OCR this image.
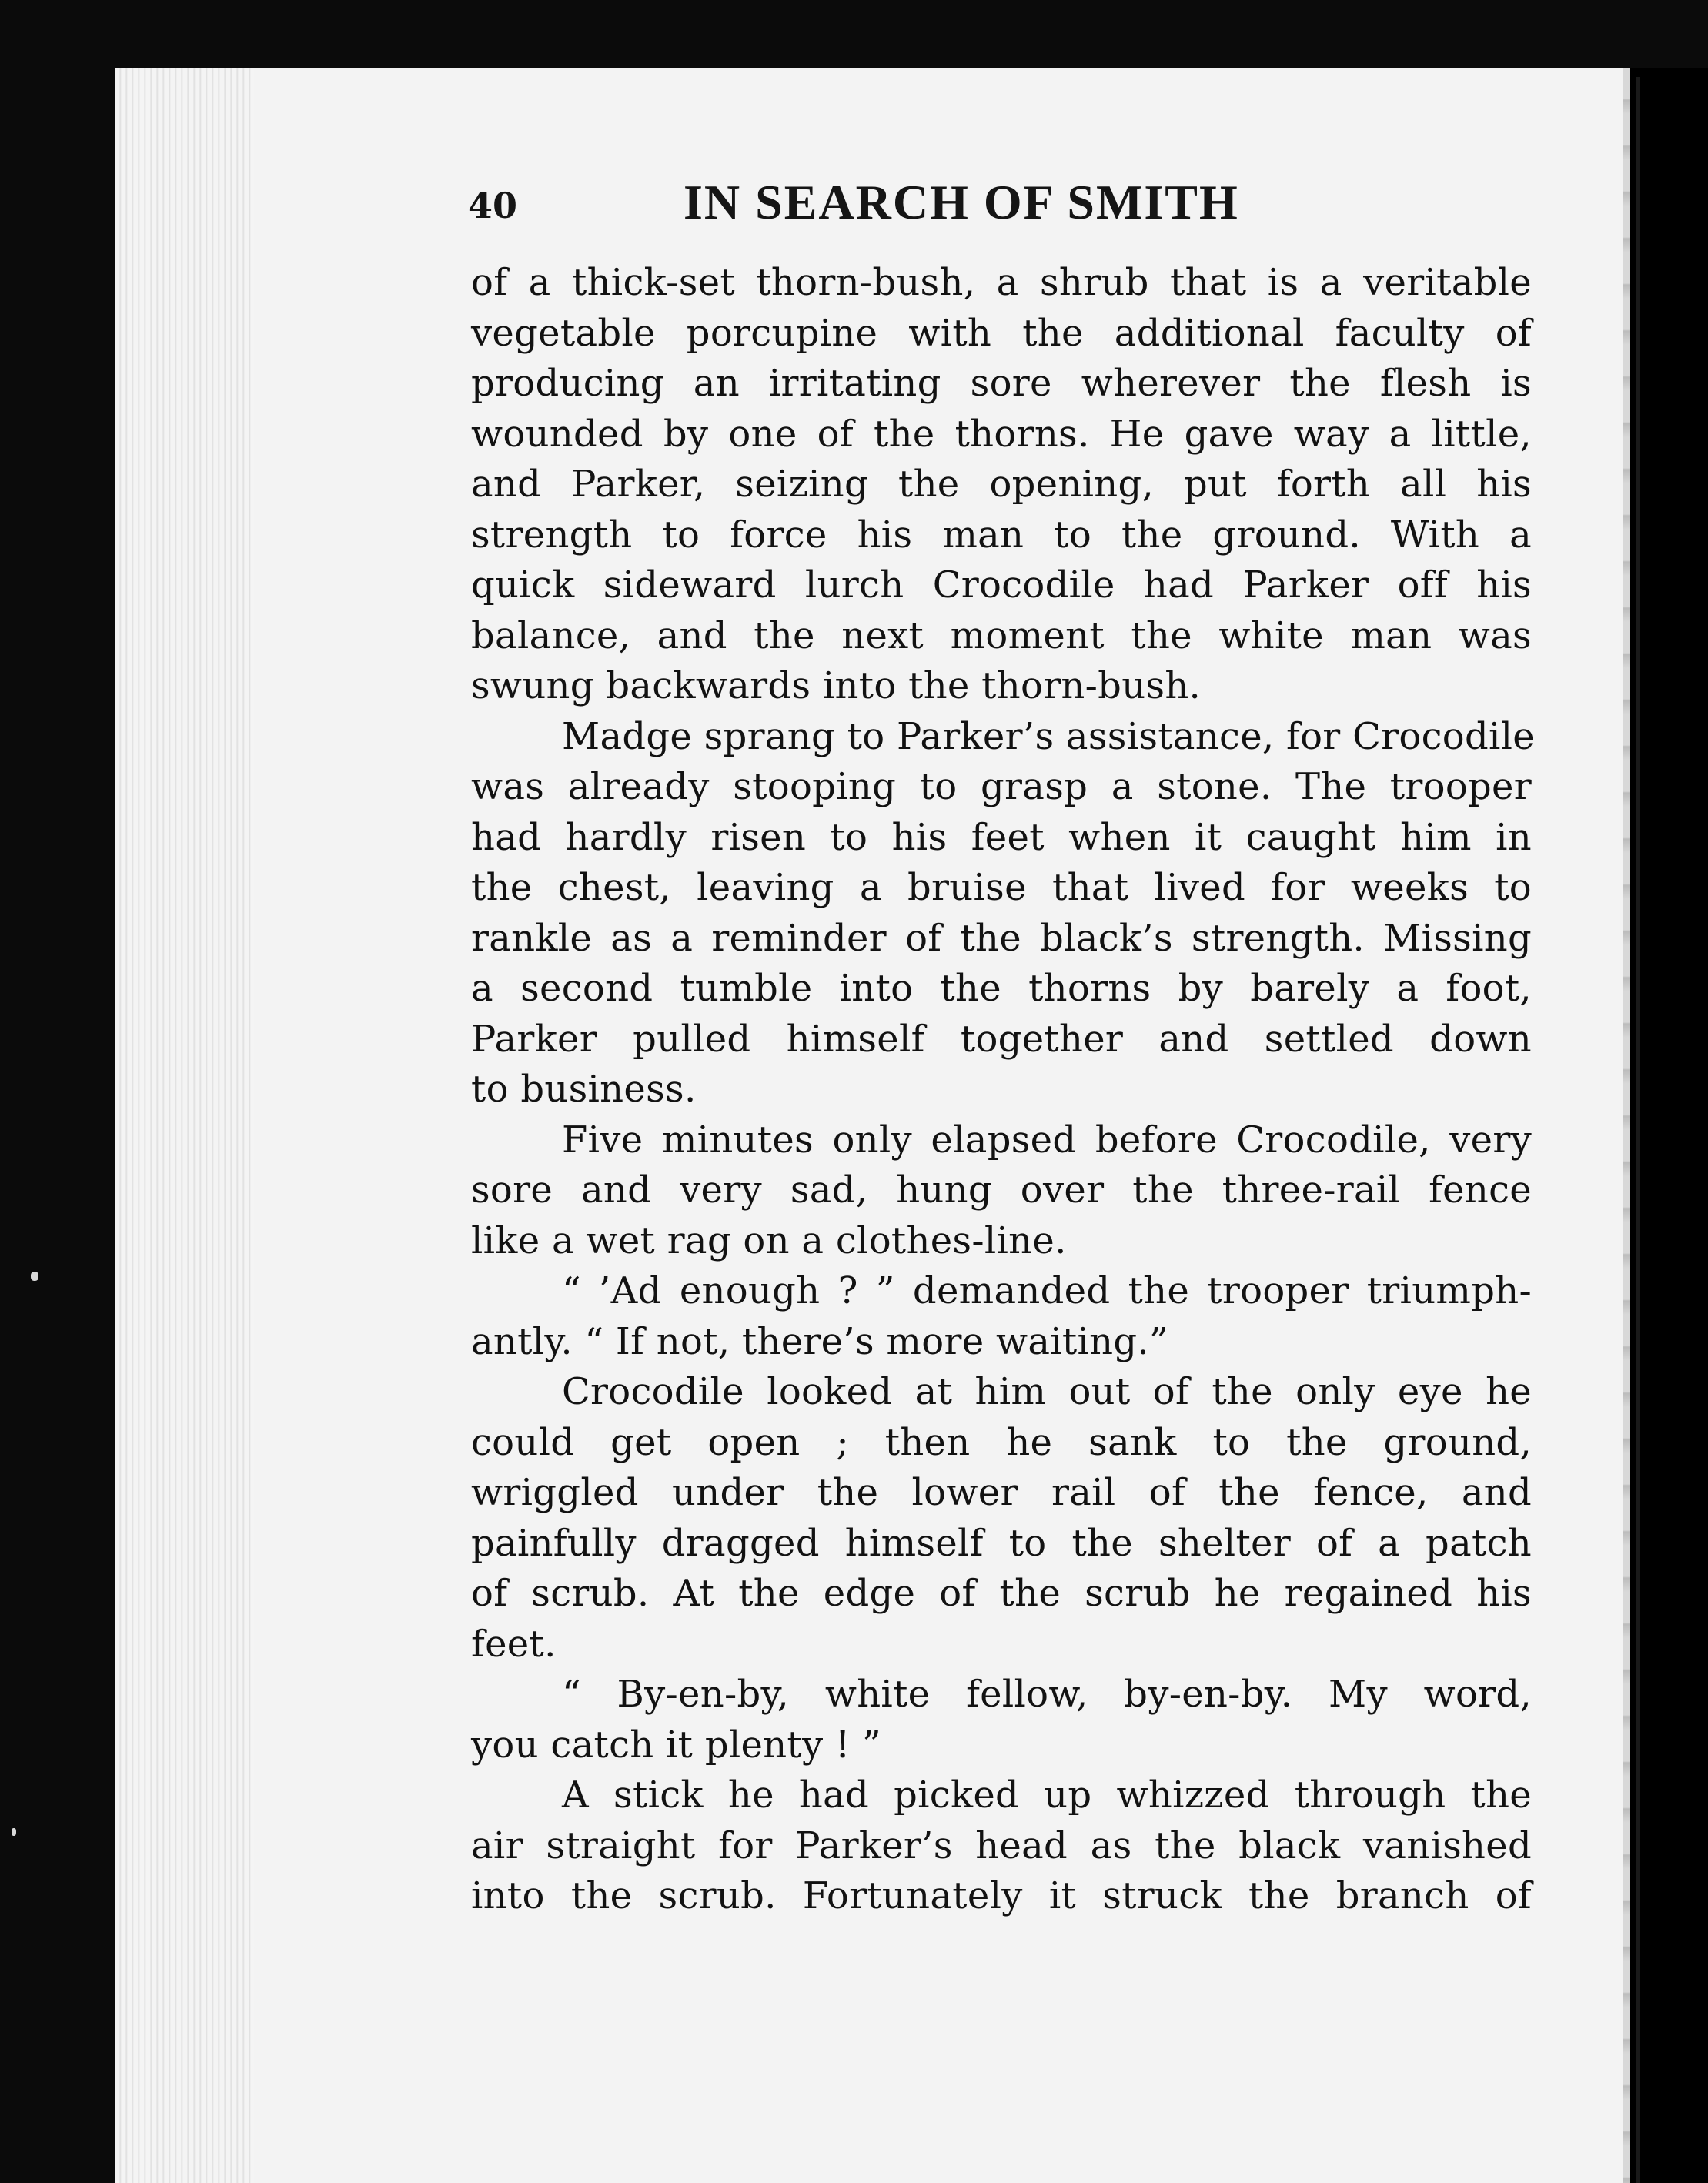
40	IN SEARCH OF SMITH
of a thick-set thorn-bush, a shrub that is a veritable
vegetable porcupine with the additional faculty of
producing an irritating sore wherever the flesh is
wounded by one of the thorns. He gave way a little,
and Parker, seizing the opening, put forth all his
strength to force his man to the ground. With a
quick sideward lurch Crocodile had Parker off his
balance, and the next moment the white man was
swung backwards into the thorn-bush.
Madge sprang to Parker’s assistance, for Crocodile
was already stooping to grasp a stone. The trooper
had hardly risen to his feet when it caught him in
the chest, leaving a bruise that lived for weeks to
rankle as a reminder of the black’s strength. Missing
a second tumble into the thorns by barely a foot,
Parker pulled himself together and settled down
to business.
Five minutes only elapsed before Crocodile, very
sore and very sad, hung over the three-rail fence
like a wet rag on a clothes-line.
“ ’Ad enough ? ” demanded the trooper triumph-
antly. “ If not, there’s more waiting.”
Crocodile looked at him out of the only eye he
could get open ; then he sank to the ground,
wriggled under the lower rail of the fence, and
painfully dragged himself to the shelter of a patch
of scrub. At the edge of the scrub he regained his
feet.
“ By-en-by, white fellow, by-en-by. My word,
you catch it plenty ! ”
A stick he had picked up whizzed through the
air straight for Parker’s head as the black vanished
into the scrub. Fortunately it struck the branch of
